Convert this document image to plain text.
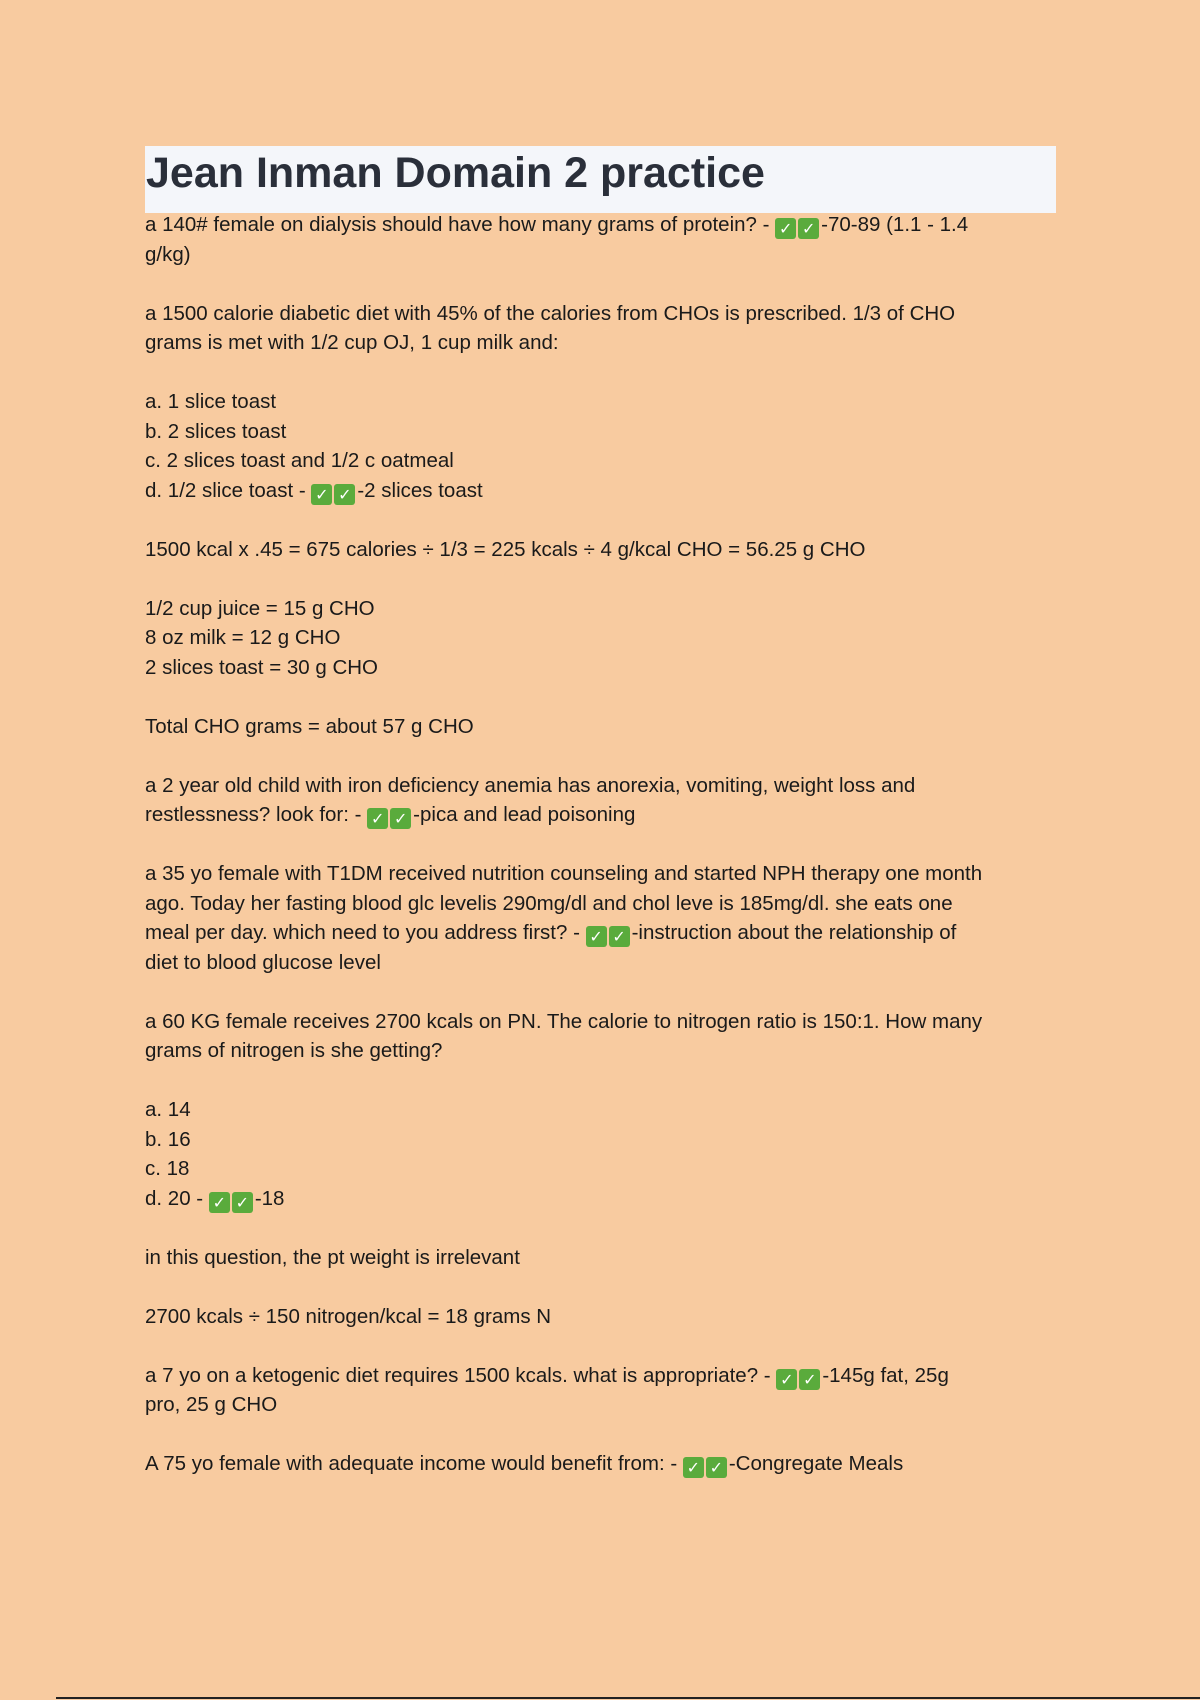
Jean Inman Domain 2 practice
a 140# female on dialysis should have how many grams of protein? - ✓ ✓ -70-89 (1.1 - 1.4
g/kg)
a 1500 calorie diabetic diet with 45% of the calories from CHOs is prescribed. 1/3 of CHO
grams is met with 1/2 cup OJ, 1 cup milk and:
a. 1 slice toast
b. 2 slices toast
c. 2 slices toast and 1/2 c oatmeal
d. 1/2 slice toast - ✓ ✓ -2 slices toast
1500 kcal x .45 = 675 calories ÷ 1/3 = 225 kcals ÷ 4 g/kcal CHO = 56.25 g CHO
1/2 cup juice = 15 g CHO
8 oz milk = 12 g CHO
2 slices toast = 30 g CHO
Total CHO grams = about 57 g CHO
a 2 year old child with iron deficiency anemia has anorexia, vomiting, weight loss and
restlessness? look for: - ✓ ✓ -pica and lead poisoning
a 35 yo female with T1DM received nutrition counseling and started NPH therapy one month
ago. Today her fasting blood glc levelis 290mg/dl and chol leve is 185mg/dl. she eats one
meal per day. which need to you address first? - ✓ ✓ -instruction about the relationship of
diet to blood glucose level
a 60 KG female receives 2700 kcals on PN. The calorie to nitrogen ratio is 150:1. How many
grams of nitrogen is she getting?
a. 14
b. 16
c. 18
d. 20 - ✓ ✓ -18
in this question, the pt weight is irrelevant
2700 kcals ÷ 150 nitrogen/kcal = 18 grams N
a 7 yo on a ketogenic diet requires 1500 kcals. what is appropriate? - ✓ ✓ -145g fat, 25g
pro, 25 g CHO
A 75 yo female with adequate income would benefit from: - ✓ ✓ -Congregate Meals
